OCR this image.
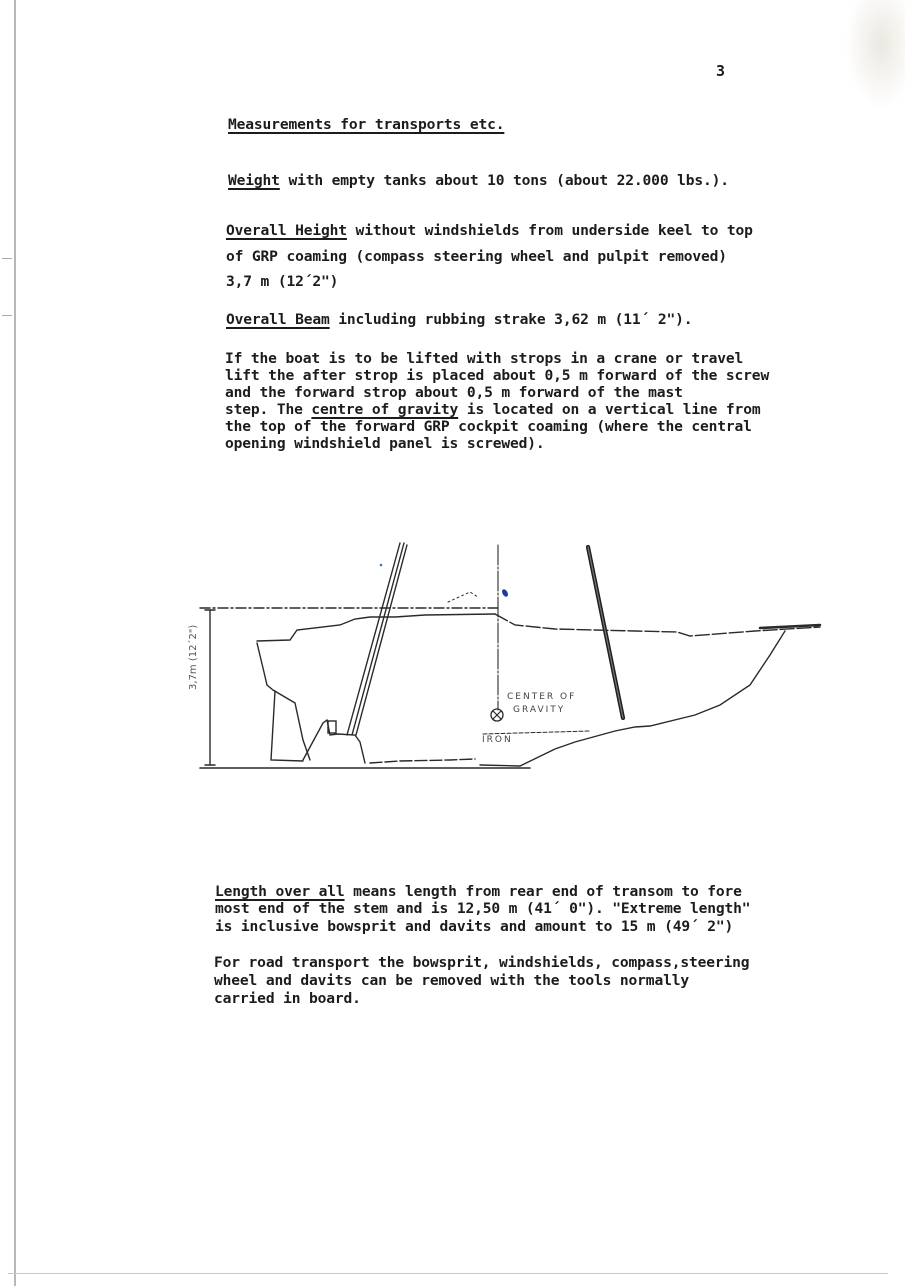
3
Measurements for transports etc.
Weight with empty tanks about 10 tons (about 22.000 lbs.).
Overall Height without windshields from underside keel to top
of GRP coaming (compass steering wheel and pulpit removed)
3,7 m (12´2")
Overall Beam including rubbing strake 3,62 m (11´ 2").
If the boat is to be lifted with strops in a crane or travel
lift the after strop is placed about 0,5 m forward of the screw
and the forward strop about 0,5 m forward of the mast
step. The centre of gravity is located on a vertical line from
the top of the forward GRP cockpit coaming (where the central
opening windshield panel is screwed).
3,7m (12´2")
CENTER OF
GRAVITY
IRON
Length over all means length from rear end of transom to fore
most end of the stem and is 12,50 m (41´ 0"). "Extreme length"
is inclusive bowsprit and davits and amount to 15 m (49´ 2")
For road transport the bowsprit, windshields, compass,steering
wheel and davits can be removed with the tools normally
carried in board.
